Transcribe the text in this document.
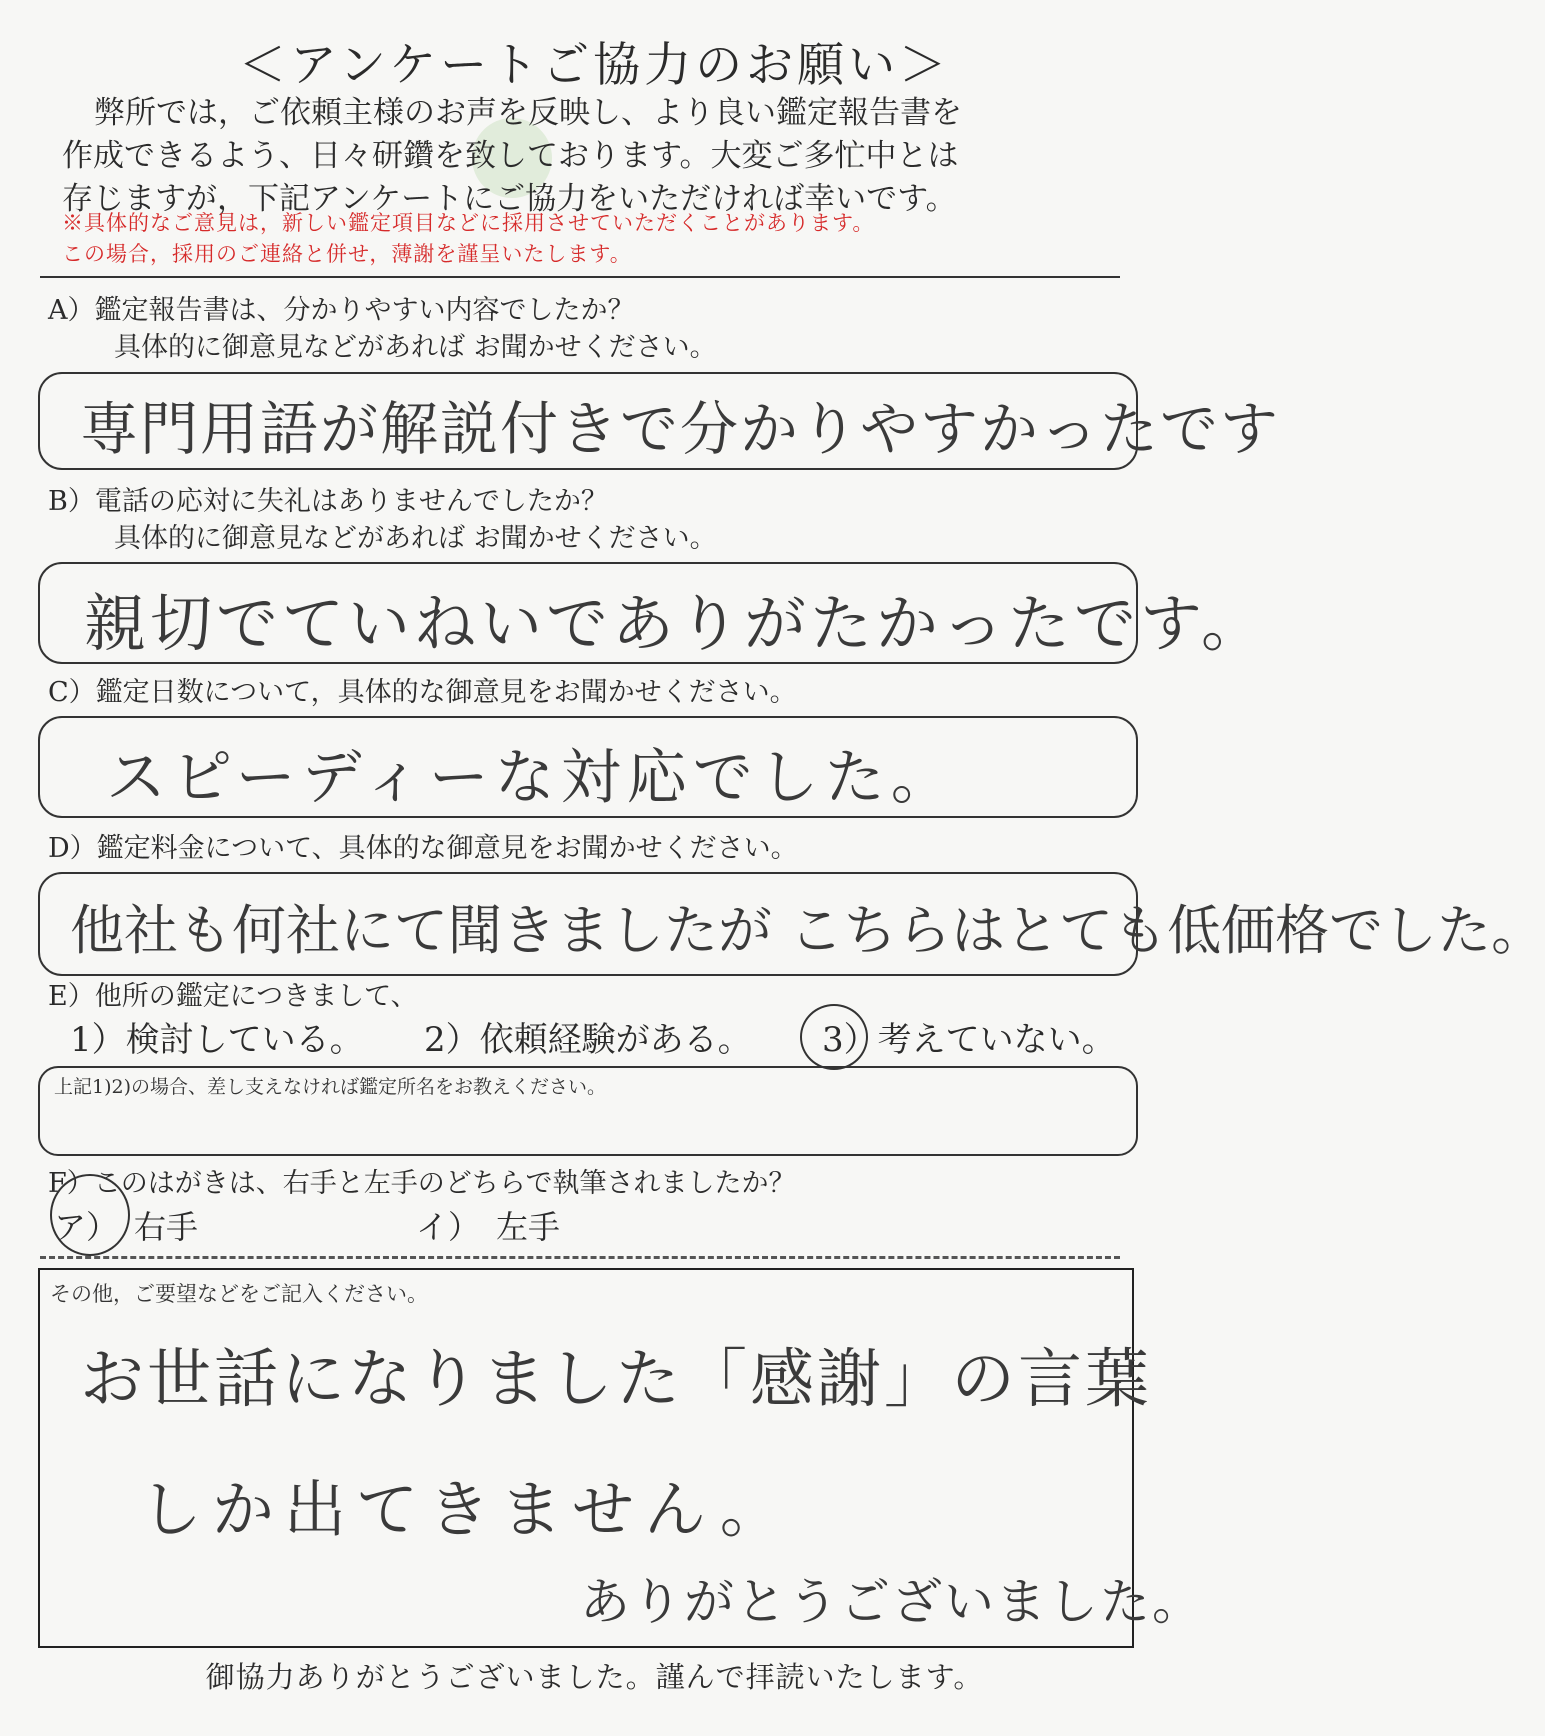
＜アンケートご協力のお願い＞

弊所では，ご依頼主様のお声を反映し、より良い鑑定報告書を

作成できるよう、日々研鑽を致しております。大変ご多忙中とは

存じますが，下記アンケートにご協力をいただければ幸いです。

※具体的なご意見は，新しい鑑定項目などに採用させていただくことがあります。

この場合，採用のご連絡と併せ，薄謝を謹呈いたします。

A）鑑定報告書は、分かりやすい内容でしたか？

具体的に御意見などがあれば お聞かせください。

専門用語が解説付きで分かりやすかったです

B）電話の応対に失礼はありませんでしたか？

具体的に御意見などがあれば お聞かせください。

親切でていねいでありがたかったです。

C）鑑定日数について，具体的な御意見をお聞かせください。

スピーディーな対応でした。

D）鑑定料金について、具体的な御意見をお聞かせください。

他社も何社にて聞きましたが こちらはとても低価格でした。

E）他所の鑑定につきまして、

1）検討している。 2）依頼経験がある。 3）考えていない。
上記1)2)の場合、差し支えなければ鑑定所名をお教えください。

F）このはがきは、右手と左手のどちらで執筆されましたか？

ア）　右手	イ）　左手
その他，ご要望などをご記入ください。
お世話になりました「感謝」の言葉
しか出てきません。
ありがとうございました。
御協力ありがとうございました。謹んで拝読いたします。
